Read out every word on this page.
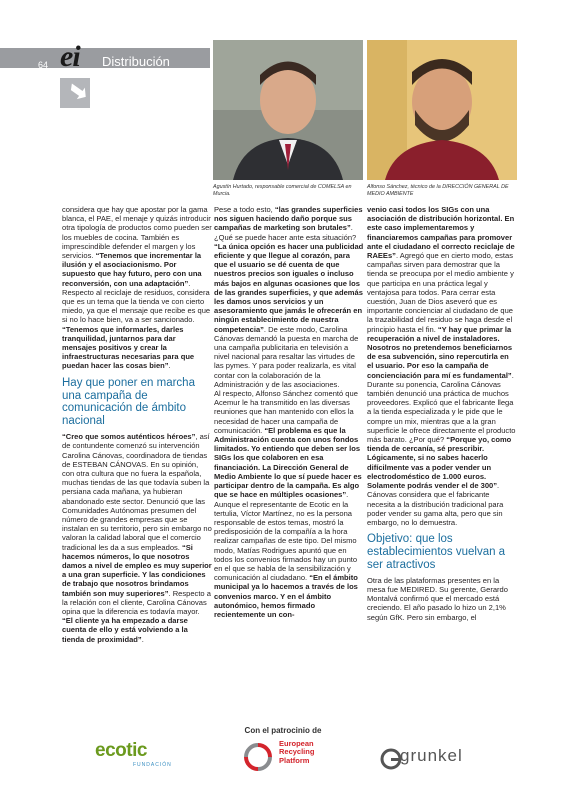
64 ei Distribución
Agustín Hurtado, responsable comercial de COMELSA en Murcia.
Alfonso Sánchez, técnico de la DIRECCIÓN GENERAL DE MEDIO AMBIENTE

considera que hay que apostar por la gama blanca, el PAE, el menaje y quizás introducir otra tipología de productos como pueden ser los muebles de cocina. También es imprescindible defender el margen y los servicios. “Tenemos que incrementar la ilusión y el asociacionismo. Por supuesto que hay futuro, pero con una reconversión, con una adaptación”. Respecto al reciclaje de residuos, considera que es un tema que la tienda ve con cierto miedo, ya que el mensaje que recibe es que si no lo hace bien, va a ser sancionado. “Tenemos que informarles, darles tranquilidad, juntarnos para dar mensajes positivos y crear la infraestructuras necesarias para que puedan hacer las cosas bien”.

Hay que poner en marcha una campaña de comunicación de ámbito nacional

“Creo que somos auténticos héroes”, así de contundente comenzó su intervención Carolina Cánovas, coordinadora de tiendas de ESTEBAN CÁNOVAS. En su opinión, con otra cultura que no fuera la española, muchas tiendas de las que todavía suben la persiana cada mañana, ya hubieran abandonado este sector. Denunció que las Comunidades Autónomas presumen del número de grandes empresas que se instalan en su territorio, pero sin embargo no valoran la calidad laboral que el comercio tradicional les da a sus empleados. “Si hacemos números, lo que nosotros damos a nivel de empleo es muy superior a una gran superficie. Y las condiciones de trabajo que nosotros brindamos también son muy superiores”. Respecto a la relación con el cliente, Carolina Cánovas opina que la diferencia es todavía mayor. “El cliente ya ha empezado a darse cuenta de ello y está volviendo a la tienda de proximidad”.

Pese a todo esto, “las grandes superficies nos siguen haciendo daño porque sus campañas de marketing son brutales”. ¿Qué se puede hacer ante esta situación? “La única opción es hacer una publicidad eficiente y que llegue al corazón, para que el usuario se dé cuenta de que nuestros precios son iguales o incluso más bajos en algunas ocasiones que los de las grandes superficies, y que además les damos unos servicios y un asesoramiento que jamás le ofrecerán en ningún establecimiento de nuestra competencia”. De este modo, Carolina Cánovas demandó la puesta en marcha de una campaña publicitaria en televisión a nivel nacional para resaltar las virtudes de las pymes. Y para poder realizarla, es vital contar con la colaboración de la Administración y de las asociaciones.

Al respecto, Alfonso Sánchez comentó que Acemur le ha transmitido en las diversas reuniones que han mantenido con ellos la necesidad de hacer una campaña de comunicación. “El problema es que la Administración cuenta con unos fondos limitados. Yo entiendo que deben ser los SIGs los que colaboren en esa financiación. La Dirección General de Medio Ambiente lo que sí puede hacer es participar dentro de la campaña. Es algo que se hace en múltiples ocasiones”. Aunque el representante de Ecotic en la tertulia, Víctor Martínez, no es la persona responsable de estos temas, mostró la predisposición de la compañía a la hora realizar campañas de este tipo. Del mismo modo, Matías Rodrigues apuntó que en todos los convenios firmados hay un punto en el que se habla de la sensibilización y comunicación al ciudadano. “En el ámbito municipal ya lo hacemos a través de los convenios marco. Y en el ámbito autonómico, hemos firmado recientemente un con-

venio casi todos los SIGs con una asociación de distribución horizontal. En este caso implementaremos y financiaremos campañas para promover ante el ciudadano el correcto reciclaje de RAEEs”. Agregó que en cierto modo, estas campañas sirven para demostrar que la tienda se preocupa por el medio ambiente y que participa en una práctica legal y ventajosa para todos. Para cerrar esta cuestión, Juan de Dios aseveró que es importante concienciar al ciudadano de que la trazabilidad del residuo se haga desde el principio hasta el fin. “Y hay que primar la recuperación a nivel de instaladores. Nosotros no pretendemos beneficiarnos de esa subvención, sino repercutirla en el usuario. Por eso la campaña de concienciación para mí es fundamental”.

Durante su ponencia, Carolina Cánovas también denunció una práctica de muchos proveedores. Explicó que el fabricante llega a la tienda especializada y le pide que le compre un mix, mientras que a la gran superficie le ofrece directamente el producto más barato. ¿Por qué? “Porque yo, como tienda de cercanía, sé prescribir. Lógicamente, si no sabes hacerlo difícilmente vas a poder vender un electrodoméstico de 1.000 euros. Solamente podrás vender el de 300”. Cánovas considera que el fabricante necesita a la distribución tradicional para poder vender su gama alta, pero que sin embargo, no lo demuestra.

Objetivo: que los establecimientos vuelvan a ser atractivos

Otra de las plataformas presentes en la mesa fue MEDIRED. Su gerente, Gerardo Montalvá confirmó que el mercado está creciendo. El año pasado lo hizo un 2,1% según GfK. Pero sin embargo, el

Con el patrocinio de
ecotic
FUNDACIÓN
European
Recycling
Platform	grunkel
